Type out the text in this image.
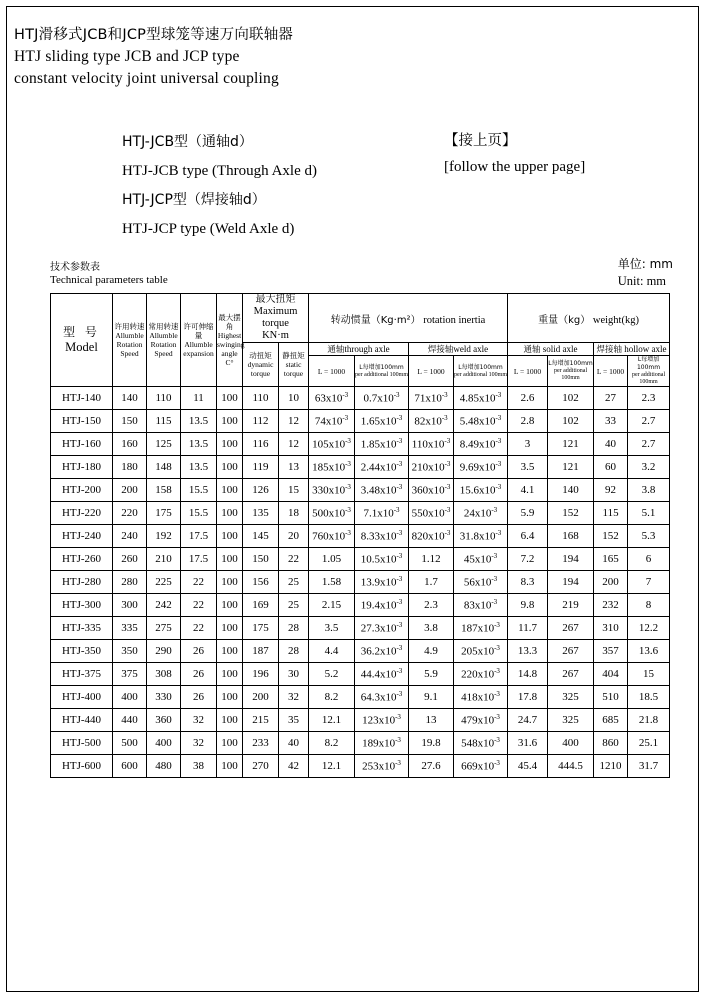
HTJ滑移式JCB和JCP型球笼等速万向联轴器
HTJ sliding type JCB and JCP type
constant velocity joint universal coupling
HTJ-JCB型（通轴d）
HTJ-JCB type (Through Axle d)
HTJ-JCP型（焊接轴d）
HTJ-JCP type (Weld Axle d)
【接上页】
[follow the upper page]
单位: mm
Unit: mm
技术参数表
Technical parameters table
型 号
Model	许用转速
Allumble
Rotation
Speed	常用转速
Allumble
Rotation
Speed	许可伸缩量
Allumble
expansion	最大摆角
Highest
swinging
angle
C°	最大扭矩
Maximum torque
KN·m		转动惯量（Kg·m²） rotation inertia				重量（kg） weight(kg)			

					动扭矩
dynamic torque	静扭矩
static torque	通轴through axle		焊接轴weld axle		通轴 solid axle		焊接轴 hollow axle	

							L = 1000	L每增加100mm
per additional 100mm	L = 1000	L每增加100mm
per additional 100mm	L = 1000	L每增加100mm
per additional 100mm	L = 1000	L每增加100mm
per additional 100mm

HTJ-140	140	110	11	100	110	10	$63x10^{-3}$	$0.7x10^{-3}$	$71x10^{-3}$	$4.85x10^{-3}$	2.6	102	27	2.3
HTJ-150	150	115	13.5	100	112	12	$74x10^{-3}$	$1.65x10^{-3}$	$82x10^{-3}$	$5.48x10^{-3}$	2.8	102	33	2.7
HTJ-160	160	125	13.5	100	116	12	$105x10^{-3}$	$1.85x10^{-3}$	$110x10^{-3}$	$8.49x10^{-3}$	3	121	40	2.7
HTJ-180	180	148	13.5	100	119	13	$185x10^{-3}$	$2.44x10^{-3}$	$210x10^{-3}$	$9.69x10^{-3}$	3.5	121	60	3.2
HTJ-200	200	158	15.5	100	126	15	$330x10^{-3}$	$3.48x10^{-3}$	$360x10^{-3}$	$15.6x10^{-3}$	4.1	140	92	3.8
HTJ-220	220	175	15.5	100	135	18	$500x10^{-3}$	$7.1x10^{-3}$	$550x10^{-3}$	$24x10^{-3}$	5.9	152	115	5.1
HTJ-240	240	192	17.5	100	145	20	$760x10^{-3}$	$8.33x10^{-3}$	$820x10^{-3}$	$31.8x10^{-3}$	6.4	168	152	5.3
HTJ-260	260	210	17.5	100	150	22	1.05	$10.5x10^{-3}$	1.12	$45x10^{-3}$	7.2	194	165	6
HTJ-280	280	225	22	100	156	25	1.58	$13.9x10^{-3}$	1.7	$56x10^{-3}$	8.3	194	200	7
HTJ-300	300	242	22	100	169	25	2.15	$19.4x10^{-3}$	2.3	$83x10^{-3}$	9.8	219	232	8
HTJ-335	335	275	22	100	175	28	3.5	$27.3x10^{-3}$	3.8	$187x10^{-3}$	11.7	267	310	12.2
HTJ-350	350	290	26	100	187	28	4.4	$36.2x10^{-3}$	4.9	$205x10^{-3}$	13.3	267	357	13.6
HTJ-375	375	308	26	100	196	30	5.2	$44.4x10^{-3}$	5.9	$220x10^{-3}$	14.8	267	404	15
HTJ-400	400	330	26	100	200	32	8.2	$64.3x10^{-3}$	9.1	$418x10^{-3}$	17.8	325	510	18.5
HTJ-440	440	360	32	100	215	35	12.1	$123x10^{-3}$	13	$479x10^{-3}$	24.7	325	685	21.8
HTJ-500	500	400	32	100	233	40	8.2	$189x10^{-3}$	19.8	$548x10^{-3}$	31.6	400	860	25.1
HTJ-600	600	480	38	100	270	42	12.1	$253x10^{-3}$	27.6	$669x10^{-3}$	45.4	444.5	1210	31.7
